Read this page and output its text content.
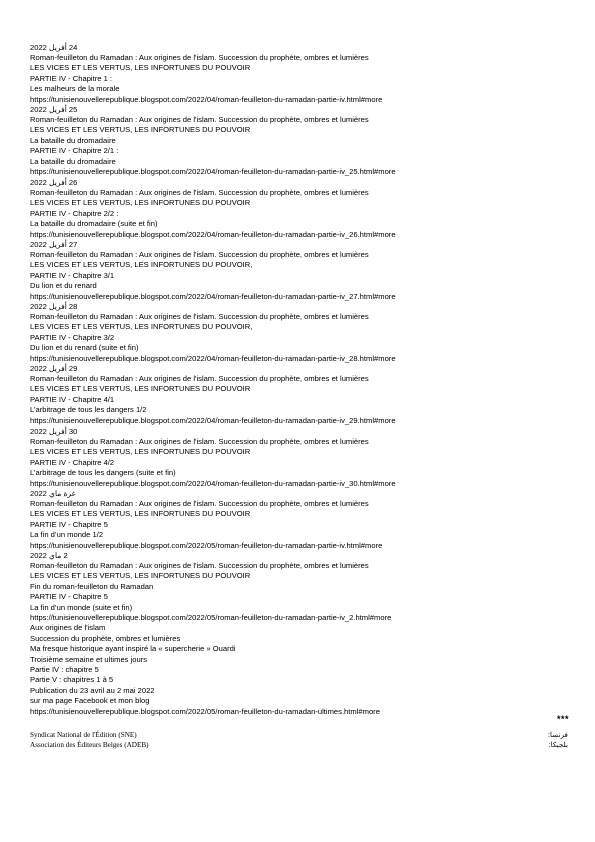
24 أفريل 2022
Roman-feuilleton du Ramadan : Aux origines de l'islam. Succession du prophète, ombres et lumières
LES VICES ET LES VERTUS, LES INFORTUNES DU POUVOIR
PARTIE IV - Chapitre 1 :
Les malheurs de la morale
https://tunisienouvellerepublique.blogspot.com/2022/04/roman-feuilleton-du-ramadan-partie-iv.html#more
25 أفريل 2022
Roman-feuilleton du Ramadan : Aux origines de l'islam. Succession du prophète, ombres et lumières
LES VICES ET LES VERTUS, LES INFORTUNES DU POUVOIR
La bataille du dromadaire
PARTIE IV - Chapitre 2/1 :
La bataille du dromadaire
https://tunisienouvellerepublique.blogspot.com/2022/04/roman-feuilleton-du-ramadan-partie-iv_25.html#more
26 أفريل 2022
Roman-feuilleton du Ramadan : Aux origines de l'islam. Succession du prophète, ombres et lumières
LES VICES ET LES VERTUS, LES INFORTUNES DU POUVOIR
PARTIE IV - Chapitre 2/2 :
La bataille du dromadaire (suite et fin)
https://tunisienouvellerepublique.blogspot.com/2022/04/roman-feuilleton-du-ramadan-partie-iv_26.html#more
27 أفريل 2022
Roman-feuilleton du Ramadan : Aux origines de l'islam. Succession du prophète, ombres et lumières
LES VICES ET LES VERTUS, LES INFORTUNES DU POUVOIR,
PARTIE IV - Chapitre 3/1
Du lion et du renard
https://tunisienouvellerepublique.blogspot.com/2022/04/roman-feuilleton-du-ramadan-partie-iv_27.html#more
28 أفريل 2022
Roman-feuilleton du Ramadan : Aux origines de l'islam. Succession du prophète, ombres et lumières
LES VICES ET LES VERTUS, LES INFORTUNES DU POUVOIR,
PARTIE IV - Chapitre 3/2
Du lion et du renard (suite et fin)
https://tunisienouvellerepublique.blogspot.com/2022/04/roman-feuilleton-du-ramadan-partie-iv_28.html#more
29 أفريل 2022
Roman-feuilleton du Ramadan : Aux origines de l'islam. Succession du prophète, ombres et lumières
LES VICES ET LES VERTUS, LES INFORTUNES DU POUVOIR
PARTIE IV - Chapitre 4/1
L’arbitrage de tous les dangers 1/2
https://tunisienouvellerepublique.blogspot.com/2022/04/roman-feuilleton-du-ramadan-partie-iv_29.html#more
30 أفريل 2022
Roman-feuilleton du Ramadan : Aux origines de l'islam. Succession du prophète, ombres et lumières
LES VICES ET LES VERTUS, LES INFORTUNES DU POUVOIR
PARTIE IV - Chapitre 4/2
L’arbitrage de tous les dangers (suite et fin)
https://tunisienouvellerepublique.blogspot.com/2022/04/roman-feuilleton-du-ramadan-partie-iv_30.html#more
غرة ماي 2022
Roman-feuilleton du Ramadan : Aux origines de l'islam. Succession du prophète, ombres et lumières
LES VICES ET LES VERTUS, LES INFORTUNES DU POUVOIR
PARTIE IV - Chapitre 5
La fin d’un monde 1/2
https://tunisienouvellerepublique.blogspot.com/2022/05/roman-feuilleton-du-ramadan-partie-iv.html#more
2 ماي 2022
Roman-feuilleton du Ramadan : Aux origines de l'islam. Succession du prophète, ombres et lumières
LES VICES ET LES VERTUS, LES INFORTUNES DU POUVOIR
Fin du roman-feuilleton du Ramadan
PARTIE IV - Chapitre 5
La fin d’un monde (suite et fin)
https://tunisienouvellerepublique.blogspot.com/2022/05/roman-feuilleton-du-ramadan-partie-iv_2.html#more
Aux origines de l'islam
Succession du prophète, ombres et lumières
Ma fresque historique ayant inspiré la « supercherie » Ouardi
Troisième semaine et ultimes jours
Partie IV : chapitre 5
Partie V : chapitres 1 à 5
Publication du 23 avril au 2 mai 2022
sur ma page Facebook et mon blog
https://tunisienouvellerepublique.blogspot.com/2022/05/roman-feuilleton-du-ramadan-ultimes.html#more
***
Syndicat National de l'Édition (SNE)
Association des Éditeurs Belges (ADEB)
فرنسا:
بلجيكا:
